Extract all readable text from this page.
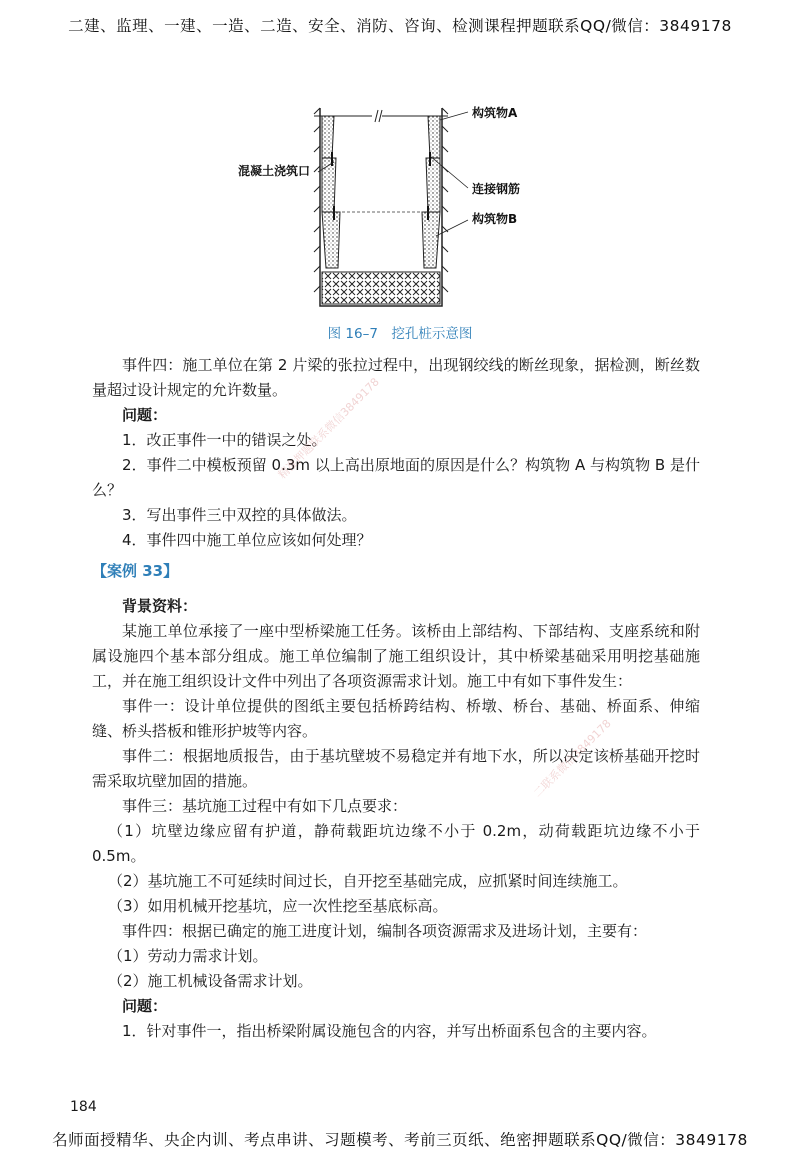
二建、监理、一建、一造、二造、安全、消防、咨询、检测课程押题联系QQ/微信：3849178
构筑物A
混凝土浇筑口
连接钢筋
构筑物B
图 16–7　挖孔桩示意图

事件四：施工单位在第 2 片梁的张拉过程中，出现钢绞线的断丝现象，据检测，断丝数量超过设计规定的允许数量。

问题：

1．改正事件一中的错误之处。

2．事件二中模板预留 0.3m 以上高出原地面的原因是什么？构筑物 A 与构筑物 B 是什么？

3．写出事件三中双控的具体做法。

4．事件四中施工单位应该如何处理？

【案例 33】

背景资料：

某施工单位承接了一座中型桥梁施工任务。该桥由上部结构、下部结构、支座系统和附属设施四个基本部分组成。施工单位编制了施工组织设计，其中桥梁基础采用明挖基础施工，并在施工组织设计文件中列出了各项资源需求计划。施工中有如下事件发生：

事件一：设计单位提供的图纸主要包括桥跨结构、桥墩、桥台、基础、桥面系、伸缩缝、桥头搭板和锥形护坡等内容。

事件二：根据地质报告，由于基坑壁坡不易稳定并有地下水，所以决定该桥基础开挖时需采取坑壁加固的措施。

事件三：基坑施工过程中有如下几点要求：

（1）坑壁边缘应留有护道，静荷载距坑边缘不小于 0.2m，动荷载距坑边缘不小于 0.5m。

（2）基坑施工不可延续时间过长，自开挖至基础完成，应抓紧时间连续施工。

（3）如用机械开挖基坑，应一次性挖至基底标高。

事件四：根据已确定的施工进度计划，编制各项资源需求及进场计划，主要有：

（1）劳动力需求计划。

（2）施工机械设备需求计划。

问题：

1．针对事件一，指出桥梁附属设施包含的内容，并写出桥面系包含的主要内容。

精准押题联系微信3849178
二联系微信3849178
184
名师面授精华、央企内训、考点串讲、习题模考、考前三页纸、绝密押题联系QQ/微信：3849178
